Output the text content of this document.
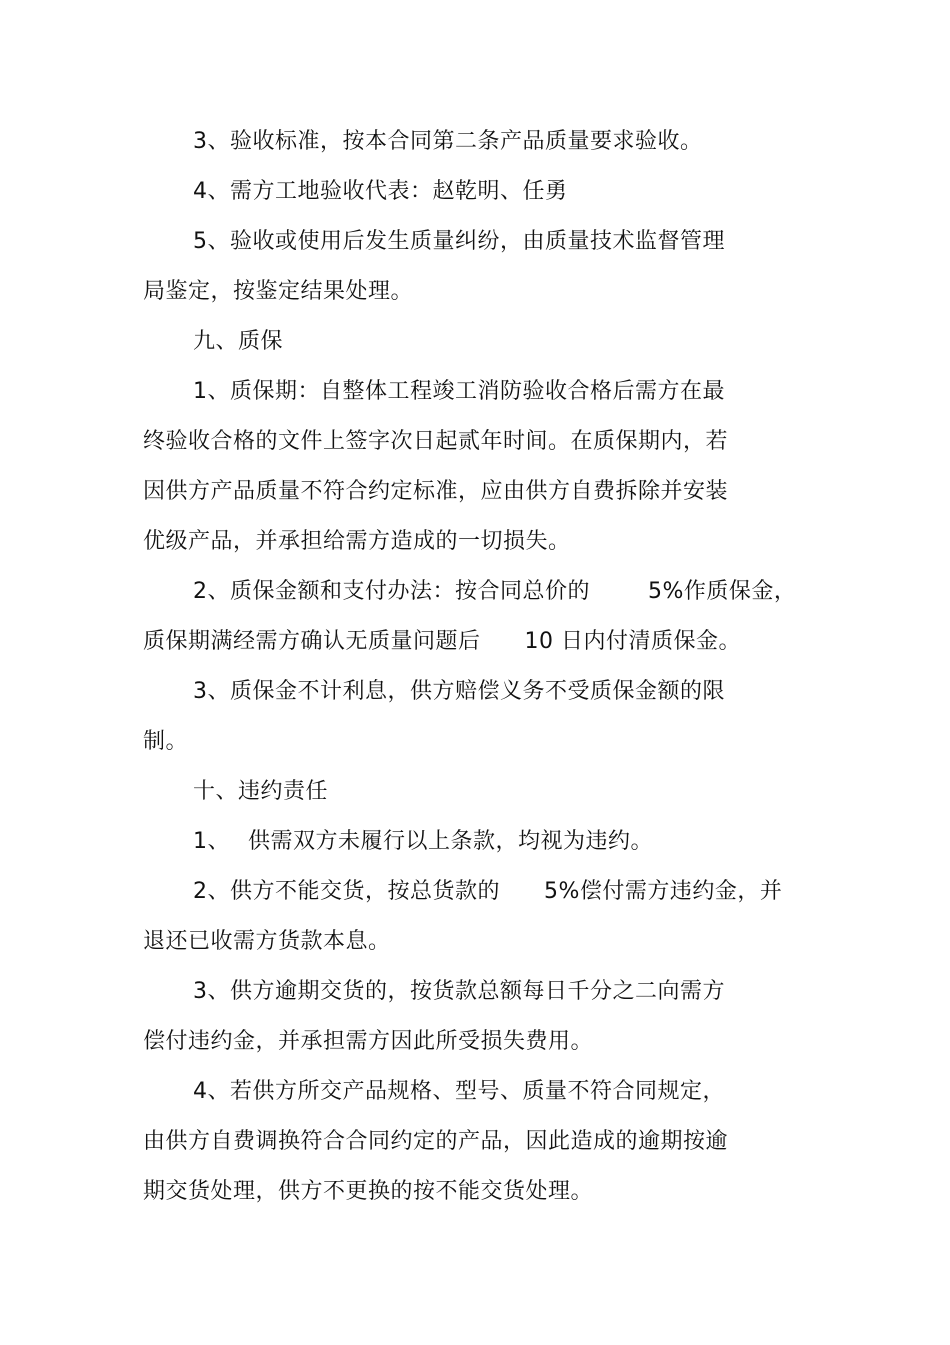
3、验收标准，按本合同第二条产品质量要求验收。
4、需方工地验收代表：赵乾明、任勇
5、验收或使用后发生质量纠纷，由质量技术监督管理
局鉴定，按鉴定结果处理。
九、质保
1、质保期：自整体工程竣工消防验收合格后需方在最
终验收合格的文件上签字次日起贰年时间。在质保期内，若
因供方产品质量不符合约定标准，应由供方自费拆除并安装
优级产品，并承担给需方造成的一切损失。
2、质保金额和支付办法：按合同总价的	5%作质保金，
质保期满经需方确认无质量问题后 10 日内付清质保金。
3、质保金不计利息，供方赔偿义务不受质保金额的限
制。
十、违约责任
1、 供需双方未履行以上条款，均视为违约。
2、供方不能交货，按总货款的 5%偿付需方违约金，并
退还已收需方货款本息。
3、供方逾期交货的，按货款总额每日千分之二向需方
偿付违约金，并承担需方因此所受损失费用。
4、若供方所交产品规格、型号、质量不符合同规定，
由供方自费调换符合合同约定的产品，因此造成的逾期按逾
期交货处理，供方不更换的按不能交货处理。
